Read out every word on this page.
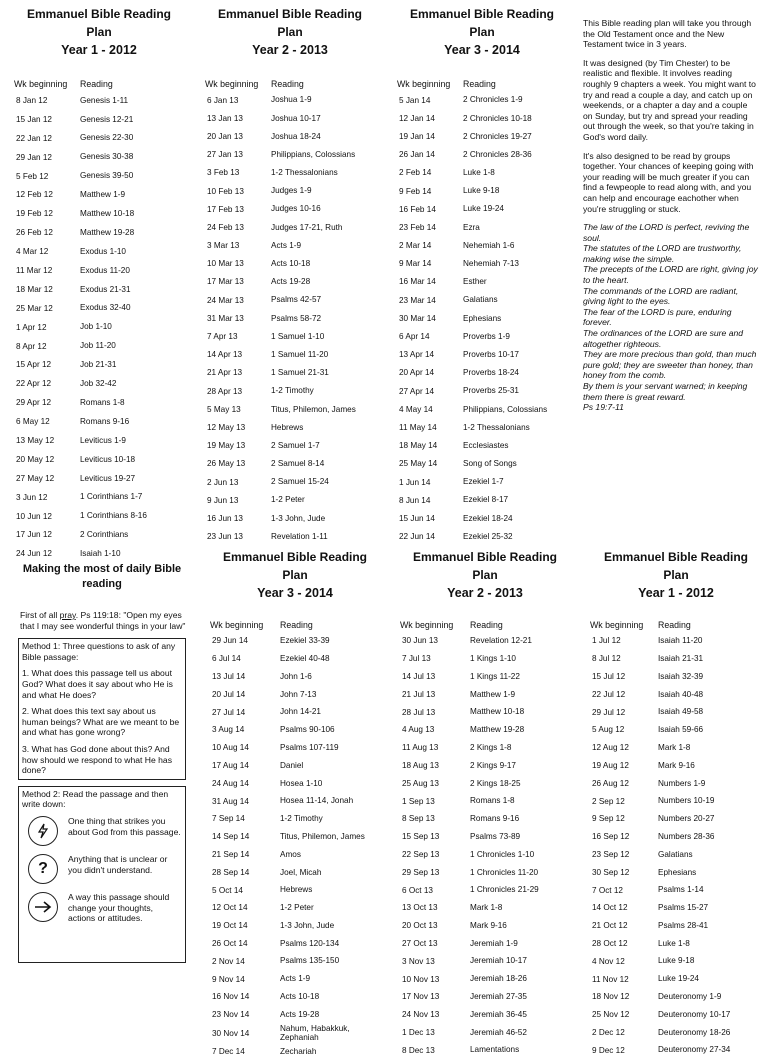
Emmanuel Bible Reading Plan
Year 1 - 2012
Wk beginning	Reading
8 Jan 12	Genesis 1-11
15 Jan 12	Genesis 12-21
22 Jan 12	Genesis 22-30
29 Jan 12	Genesis 30-38
5 Feb 12	Genesis 39-50
12 Feb 12	Matthew 1-9
19 Feb 12	Matthew 10-18
26 Feb 12	Matthew 19-28
4 Mar 12	Exodus 1-10
11 Mar 12	Exodus 11-20
18 Mar 12	Exodus 21-31
25 Mar 12	Exodus 32-40
1 Apr 12	Job 1-10
8 Apr 12	Job 11-20
15 Apr 12	Job 21-31
22 Apr 12	Job 32-42
29 Apr 12	Romans 1-8
6 May 12	Romans 9-16
13 May 12	Leviticus 1-9
20 May 12	Leviticus 10-18
27 May 12	Leviticus 19-27
3 Jun 12	1 Corinthians 1-7
10 Jun 12	1 Corinthians 8-16
17 Jun 12	2 Corinthians
24 Jun 12	Isaiah 1-10
Emmanuel Bible Reading Plan
Year 2 - 2013
Wk beginning	Reading
6 Jan 13	Joshua 1-9
13 Jan 13	Joshua 10-17
20 Jan 13	Joshua 18-24
27 Jan 13	Philippians, Colossians
3 Feb 13	1-2 Thessalonians
10 Feb 13	Judges 1-9
17 Feb 13	Judges 10-16
24 Feb 13	Judges 17-21, Ruth
3 Mar 13	Acts 1-9
10 Mar 13	Acts 10-18
17 Mar 13	Acts 19-28
24 Mar 13	Psalms 42-57
31 Mar 13	Psalms 58-72
7 Apr 13	1 Samuel 1-10
14 Apr 13	1 Samuel 11-20
21 Apr 13	1 Samuel 21-31
28 Apr 13	1-2 Timothy
5 May 13	Titus, Philemon, James
12 May 13	Hebrews
19 May 13	2 Samuel 1-7
26 May 13	2 Samuel 8-14
2 Jun 13	2 Samuel 15-24
9 Jun 13	1-2 Peter
16 Jun 13	1-3 John, Jude
23 Jun 13	Revelation 1-11
Emmanuel Bible Reading Plan
Year 3 - 2014
Wk beginning	Reading
5 Jan 14	2 Chronicles 1-9
12 Jan 14	2 Chronicles 10-18
19 Jan 14	2 Chronicles 19-27
26 Jan 14	2 Chronicles 28-36
2 Feb 14	Luke 1-8
9 Feb 14	Luke 9-18
16 Feb 14	Luke 19-24
23 Feb 14	Ezra
2 Mar 14	Nehemiah 1-6
9 Mar 14	Nehemiah 7-13
16 Mar 14	Esther
23 Mar 14	Galatians
30 Mar 14	Ephesians
6 Apr 14	Proverbs 1-9
13 Apr 14	Proverbs 10-17
20 Apr 14	Proverbs 18-24
27 Apr 14	Proverbs 25-31
4 May 14	Philippians, Colossians
11 May 14	1-2 Thessalonians
18 May 14	Ecclesiastes
25 May 14	Song of Songs
1 Jun 14	Ezekiel 1-7
8 Jun 14	Ezekiel 8-17
15 Jun 14	Ezekiel 18-24
22 Jun 14	Ezekiel 25-32

This Bible reading plan will take you through the Old Testament once and the New Testament twice in 3 years.

It was designed (by Tim Chester) to be realistic and flexible. It involves reading roughly 9 chapters a week. You might want to try and read a couple a day, and catch up on weekends, or a chapter a day and a couple on Sunday, but try and spread your reading out through the week, so that you're taking in God's word daily.

It's also designed to be read by groups together. Your chances of keeping going with your reading will be much greater if you can find a fewpeople to read along with, and you can help and encourage eachother when you're struggling or stuck.

The law of the LORD is perfect, reviving the soul.

The statutes of the LORD are trustworthy, making wise the simple.

The precepts of the LORD are right, giving joy to the heart.

The commands of the LORD are radiant, giving light to the eyes.

The fear of the LORD is pure, enduring forever.

The ordinances of the LORD are sure and altogether righteous.

They are more precious than gold, than much pure gold; they are sweeter than honey, than honey from the comb.

By them is your servant warned; in keeping them there is great reward.

Ps 19:7-11

Making the most of daily Bible reading
First of all pray. Ps 119:18: "Open my eyes that I may see wonderful things in your law"

Method 1: Three questions to ask of any Bible passage:

1. What does this passage tell us about God? What does it say about who He is and what He does?

2. What does this text say about us human beings? What are we meant to be and what has gone wrong?

3. What has God done about this? And how should we respond to what He has done?

Method 2: Read the passage and then write down:

One thing that strikes you about God from this passage.
?
Anything that is unclear or you didn't understand.
A way this passage should change your thoughts, actions or attitudes.
Emmanuel Bible Reading Plan
Year 3 - 2014
Wk beginning	Reading
29 Jun 14	Ezekiel 33-39
6 Jul 14	Ezekiel 40-48
13 Jul 14	John 1-6
20 Jul 14	John 7-13
27 Jul 14	John 14-21
3 Aug 14	Psalms 90-106
10 Aug 14	Psalms 107-119
17 Aug 14	Daniel
24 Aug 14	Hosea 1-10
31 Aug 14	Hosea 11-14, Jonah
7 Sep 14	1-2 Timothy
14 Sep 14	Titus, Philemon, James
21 Sep 14	Amos
28 Sep 14	Joel, Micah
5 Oct 14	Hebrews
12 Oct 14	1-2 Peter
19 Oct 14	1-3 John, Jude
26 Oct 14	Psalms 120-134
2 Nov 14	Psalms 135-150
9 Nov 14	Acts 1-9
16 Nov 14	Acts 10-18
23 Nov 14	Acts 19-28
30 Nov 14	Nahum, Habakkuk, Zephaniah
7 Dec 14	Zechariah
Emmanuel Bible Reading Plan
Year 2 - 2013
Wk beginning	Reading
30 Jun 13	Revelation 12-21
7 Jul 13	1 Kings 1-10
14 Jul 13	1 Kings 11-22
21 Jul 13	Matthew 1-9
28 Jul 13	Matthew 10-18
4 Aug 13	Matthew 19-28
11 Aug 13	2 Kings 1-8
18 Aug 13	2 Kings 9-17
25 Aug 13	2 Kings 18-25
1 Sep 13	Romans 1-8
8 Sep 13	Romans 9-16
15 Sep 13	Psalms 73-89
22 Sep 13	1 Chronicles 1-10
29 Sep 13	1 Chronicles 11-20
6 Oct 13	1 Chronicles 21-29
13 Oct 13	Mark 1-8
20 Oct 13	Mark 9-16
27 Oct 13	Jeremiah 1-9
3 Nov 13	Jeremiah 10-17
10 Nov 13	Jeremiah 18-26
17 Nov 13	Jeremiah 27-35
24 Nov 13	Jeremiah 36-45
1 Dec 13	Jeremiah 46-52
8 Dec 13	Lamentations
Emmanuel Bible Reading Plan
Year 1 - 2012
Wk beginning	Reading
1 Jul 12	Isaiah 11-20
8 Jul 12	Isaiah 21-31
15 Jul 12	Isaiah 32-39
22 Jul 12	Isaiah 40-48
29 Jul 12	Isaiah 49-58
5 Aug 12	Isaiah 59-66
12 Aug 12	Mark 1-8
19 Aug 12	Mark 9-16
26 Aug 12	Numbers 1-9
2 Sep 12	Numbers 10-19
9 Sep 12	Numbers 20-27
16 Sep 12	Numbers 28-36
23 Sep 12	Galatians
30 Sep 12	Ephesians
7 Oct 12	Psalms 1-14
14 Oct 12	Psalms 15-27
21 Oct 12	Psalms 28-41
28 Oct 12	Luke 1-8
4 Nov 12	Luke 9-18
11 Nov 12	Luke 19-24
18 Nov 12	Deuteronomy 1-9
25 Nov 12	Deuteronomy 10-17
2 Dec 12	Deuteronomy 18-26
9 Dec 12	Deuteronomy 27-34
